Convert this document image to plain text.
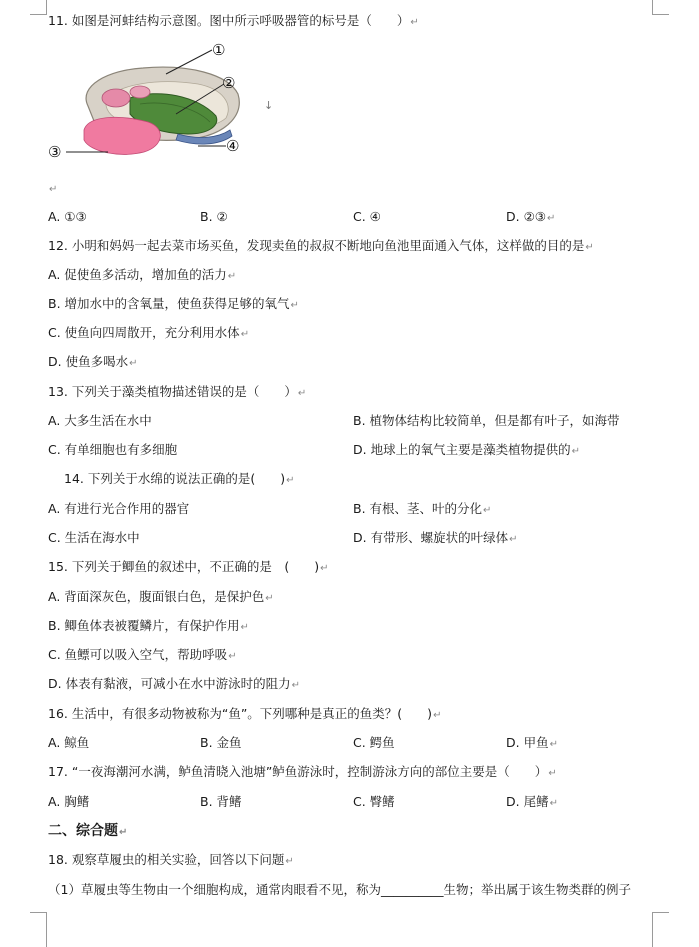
11. 如图是河蚌结构示意图。图中所示呼吸器管的标号是（　　）↵
①
②
③	④
↓
↵
A. ①③	B. ②	C. ④	D. ②③↵
12. 小明和妈妈一起去菜市场买鱼，发现卖鱼的叔叔不断地向鱼池里面通入气体，这样做的目的是↵
A. 促使鱼多活动，增加鱼的活力↵
B. 增加水中的含氧量，使鱼获得足够的氧气↵
C. 使鱼向四周散开，充分利用水体↵
D. 使鱼多喝水↵
13. 下列关于藻类植物描述错误的是（　　）↵
A. 大多生活在水中	B. 植物体结构比较简单，但是都有叶子，如海带
C. 有单细胞也有多细胞	D. 地球上的氧气主要是藻类植物提供的↵
14. 下列关于水绵的说法正确的是(　　)↵
A. 有进行光合作用的器官	B. 有根、茎、叶的分化↵
C. 生活在海水中	D. 有带形、螺旋状的叶绿体↵
15. 下列关于鲫鱼的叙述中，不正确的是　(　　)↵
A. 背面深灰色，腹面银白色，是保护色↵
B. 鲫鱼体表被覆鳞片，有保护作用↵
C. 鱼鳔可以吸入空气，帮助呼吸↵
D. 体表有黏液，可减小在水中游泳时的阻力↵
16. 生活中，有很多动物被称为“鱼”。下列哪种是真正的鱼类？(　　)↵
A. 鲸鱼	B. 金鱼	C. 鳄鱼	D. 甲鱼↵
17. “一夜海潮河水满，鲈鱼清晓入池塘”鲈鱼游泳时，控制游泳方向的部位主要是（　　）↵
A. 胸鳍	B. 背鳍	C. 臀鳍	D. 尾鳍↵
二、综合题↵
18. 观察草履虫的相关实验，回答以下问题↵
（1）草履虫等生物由一个细胞构成，通常肉眼看不见，称为__________生物；举出属于该生物类群的例子
